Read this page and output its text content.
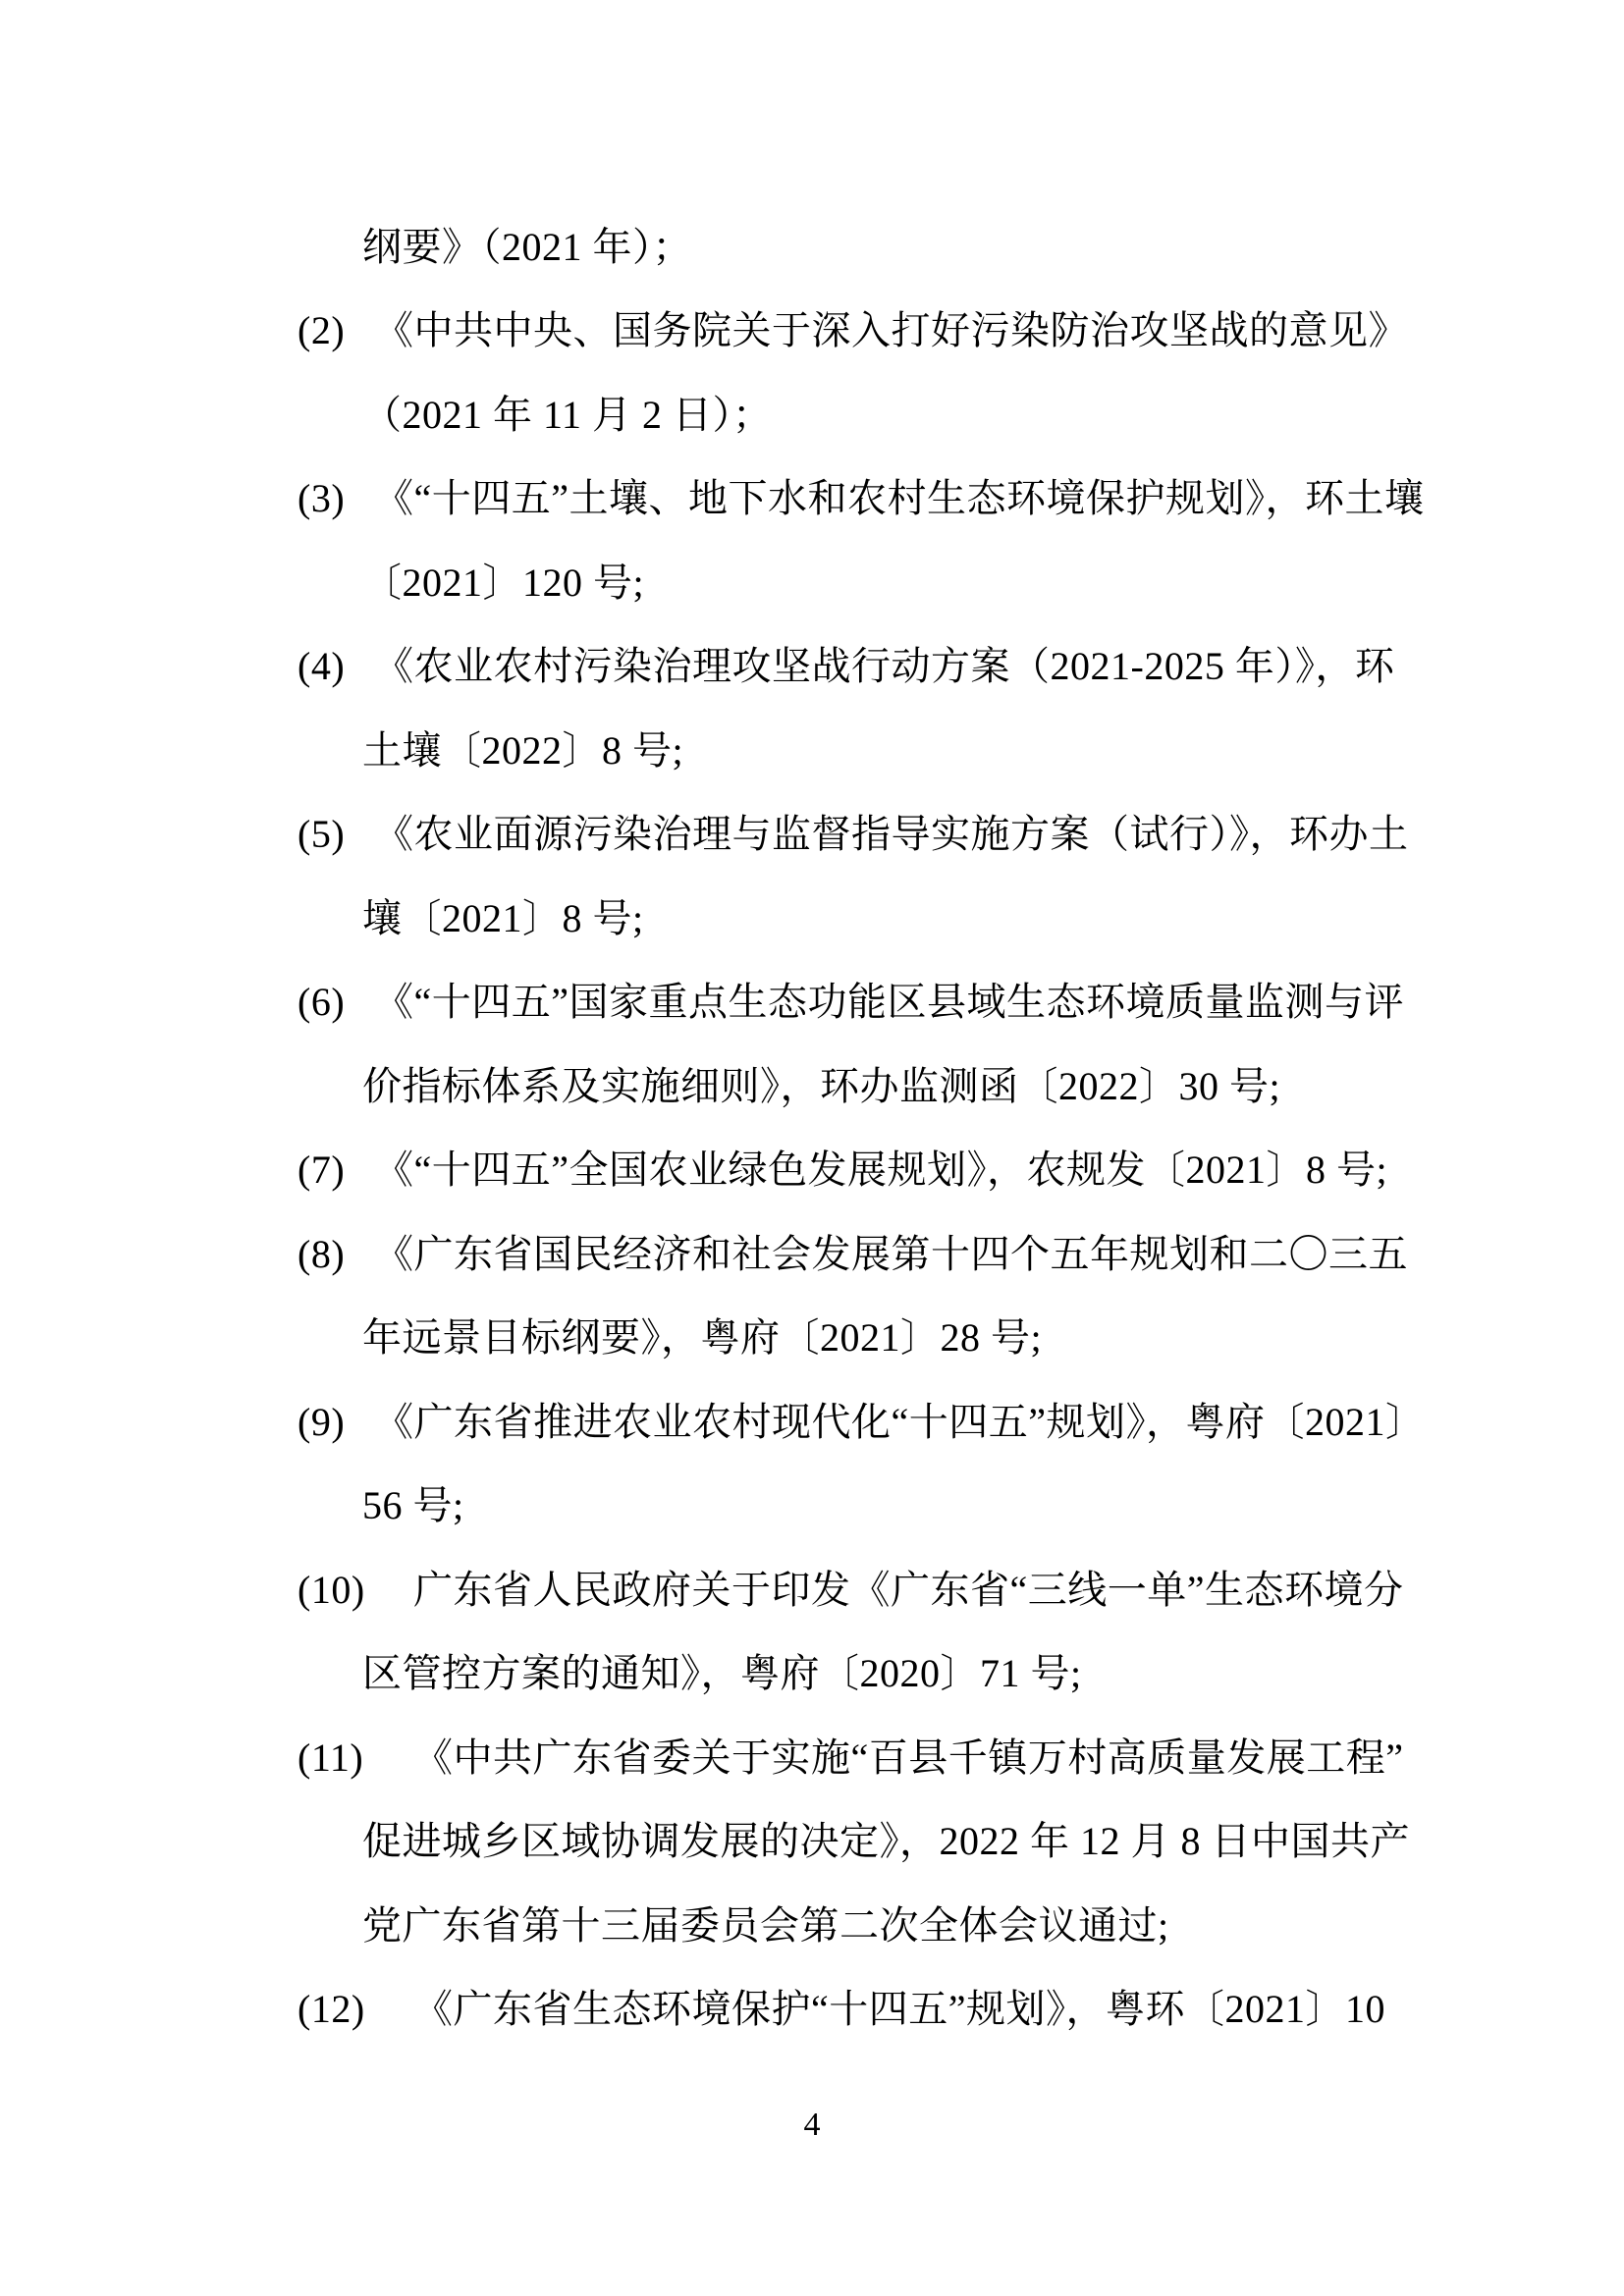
纲要》（2021 年）；
(2) 《中共中央、国务院关于深入打好污染防治攻坚战的意见》
（2021 年 11 月 2 日）；
(3) 《“十四五”土壤、地下水和农村生态环境保护规划》，环土壤
〔2021〕120 号;
(4) 《农业农村污染治理攻坚战行动方案（2021-2025 年）》，环
土壤〔2022〕8 号;
(5) 《农业面源污染治理与监督指导实施方案（试行）》，环办土
壤〔2021〕8 号;
(6) 《“十四五”国家重点生态功能区县域生态环境质量监测与评
价指标体系及实施细则》，环办监测函〔2022〕30 号;
(7) 《“十四五”全国农业绿色发展规划》，农规发〔2021〕8 号;
(8) 《广东省国民经济和社会发展第十四个五年规划和二〇三五
年远景目标纲要》，粤府〔2021〕28 号;
(9) 《广东省推进农业农村现代化“十四五”规划》，粤府〔2021〕
56 号;
(10)	广东省人民政府关于印发《广东省“三线一单”生态环境分
区管控方案的通知》，粤府〔2020〕71 号;
(11)	《中共广东省委关于实施“百县千镇万村高质量发展工程”
促进城乡区域协调发展的决定》，2022 年 12 月 8 日中国共产
党广东省第十三届委员会第二次全体会议通过;
(12)	《广东省生态环境保护“十四五”规划》，粤环〔2021〕10
4
